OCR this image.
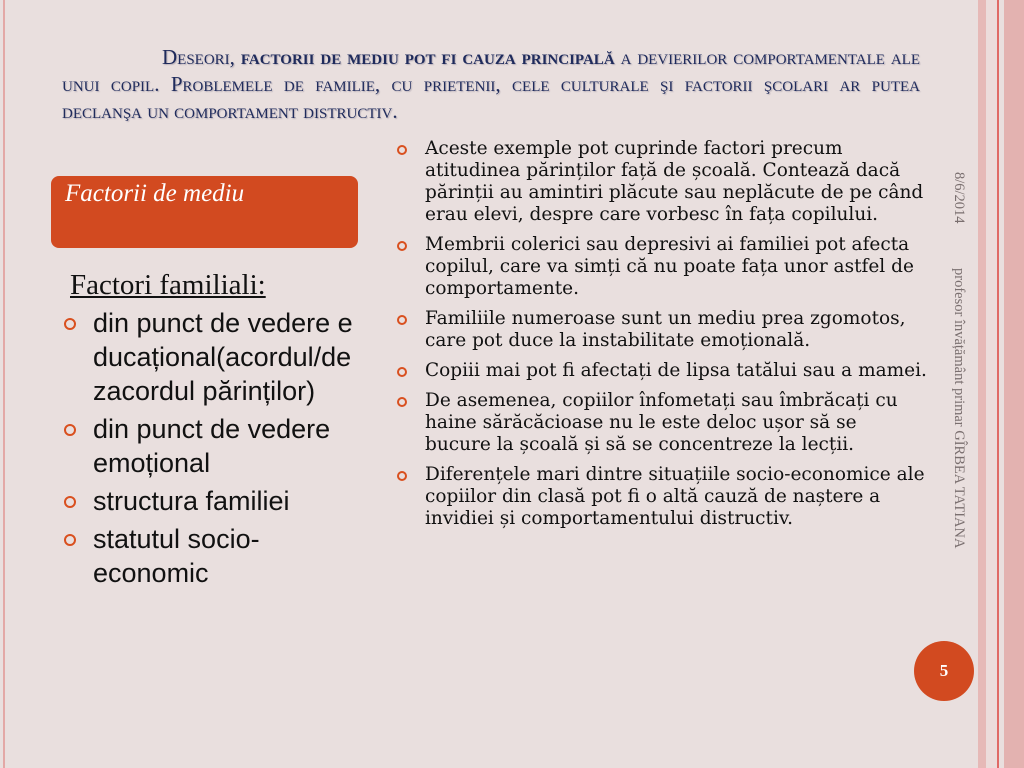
Deseori, factorii de mediu pot fi cauza principală a devierilor comportamentale ale unui copil. Problemele de familie, cu prietenii, cele culturale şi factorii şcolari ar putea declanşa un comportament distructiv.
Factorii de mediu
Factori familiali:
din punct de vedere educațional(acordul/dezacordul părinților)
din punct de vedere emoțional
structura familiei
statutul socio-economic
Aceste exemple pot cuprinde factori precum atitudinea părinților față de școală. Contează dacă părinții au amintiri plăcute sau neplăcute de pe când erau elevi, despre care vorbesc în fața copilului.
Membrii colerici sau depresivi ai familiei pot afecta copilul, care va simți că nu poate fața unor astfel de comportamente.
Familiile numeroase sunt un mediu prea zgomotos, care pot duce la instabilitate emoțională.
Copiii mai pot fi afectați de lipsa tatălui sau a mamei.
De asemenea, copiilor înfometați sau îmbrăcați cu haine sărăcăcioase nu le este deloc ușor să se bucure la școală și să se concentreze la lecții.
Diferențele mari dintre situațiile socio-economice ale copiilor din clasă pot fi o altă cauză de naștere a invidiei și comportamentului distructiv.
8/6/2014
profesor învățământ primar GÎRBEA TATIANA
5
